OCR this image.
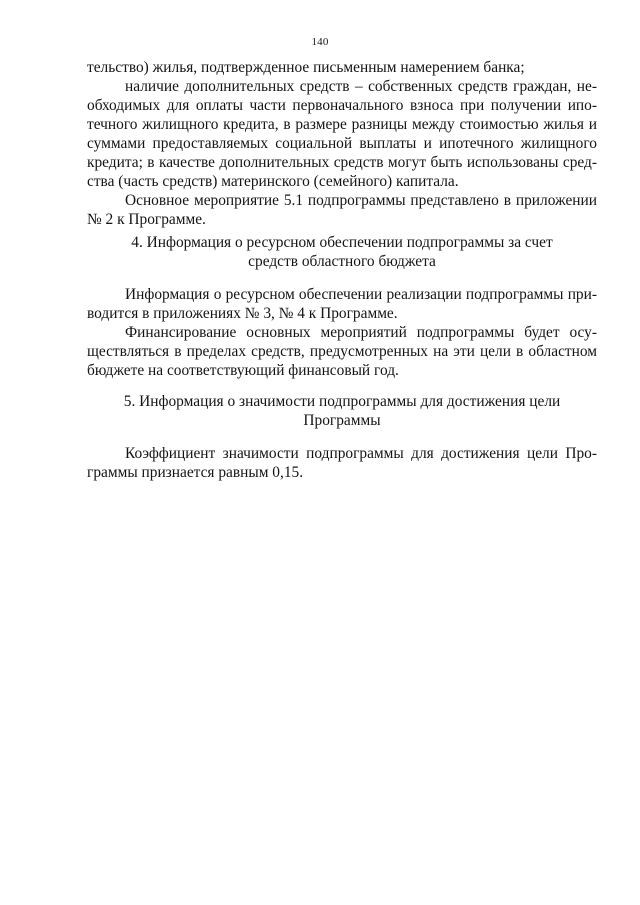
140
тельство) жилья, подтвержденное письменным намерением банка;
наличие дополнительных средств – собственных средств граждан, не-
обходимых для оплаты части первоначального взноса при получении ипо-
течного жилищного кредита, в размере разницы между стоимостью жилья и
суммами предоставляемых социальной выплаты и ипотечного жилищного
кредита; в качестве дополнительных средств могут быть использованы сред-
ства (часть средств) материнского (семейного) капитала.
Основное мероприятие 5.1 подпрограммы представлено в приложении
№ 2 к Программе.
4. Информация о ресурсном обеспечении подпрограммы за счет
средств областного бюджета
Информация о ресурсном обеспечении реализации подпрограммы при-
водится в приложениях № 3, № 4 к Программе.
Финансирование основных мероприятий подпрограммы будет осу-
ществляться в пределах средств, предусмотренных на эти цели в областном
бюджете на соответствующий финансовый год.
5. Информация о значимости подпрограммы для достижения цели
Программы
Коэффициент значимости подпрограммы для достижения цели Про-
граммы признается равным 0,15.
